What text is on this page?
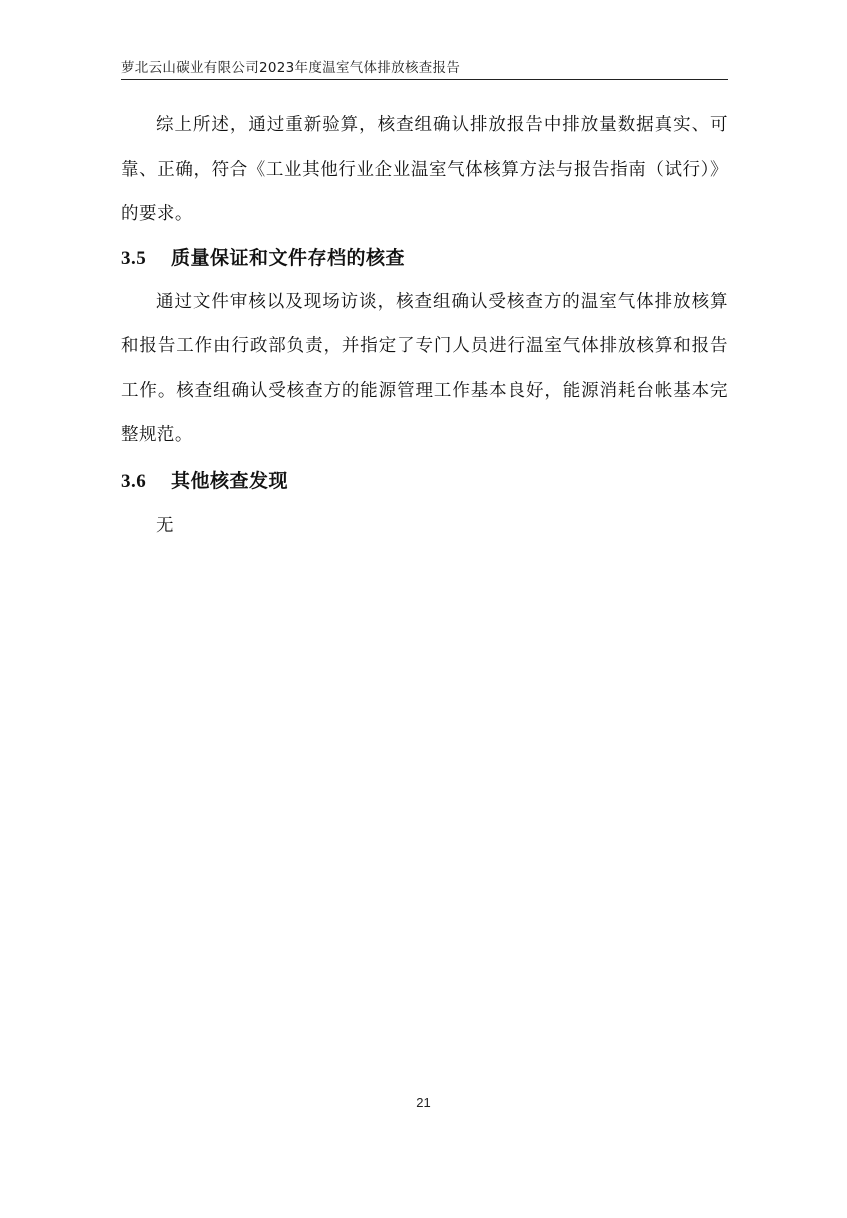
萝北云山碳业有限公司2023年度温室气体排放核查报告

综上所述，通过重新验算，核查组确认排放报告中排放量数据真实、可靠、正确，符合《工业其他行业企业温室气体核算方法与报告指南（试行）》的要求。

3.5	质量保证和文件存档的核查

通过文件审核以及现场访谈，核查组确认受核查方的温室气体排放核算和报告工作由行政部负责，并指定了专门人员进行温室气体排放核算和报告工作。核查组确认受核查方的能源管理工作基本良好，能源消耗台帐基本完整规范。

3.6	其他核查发现

无

21
